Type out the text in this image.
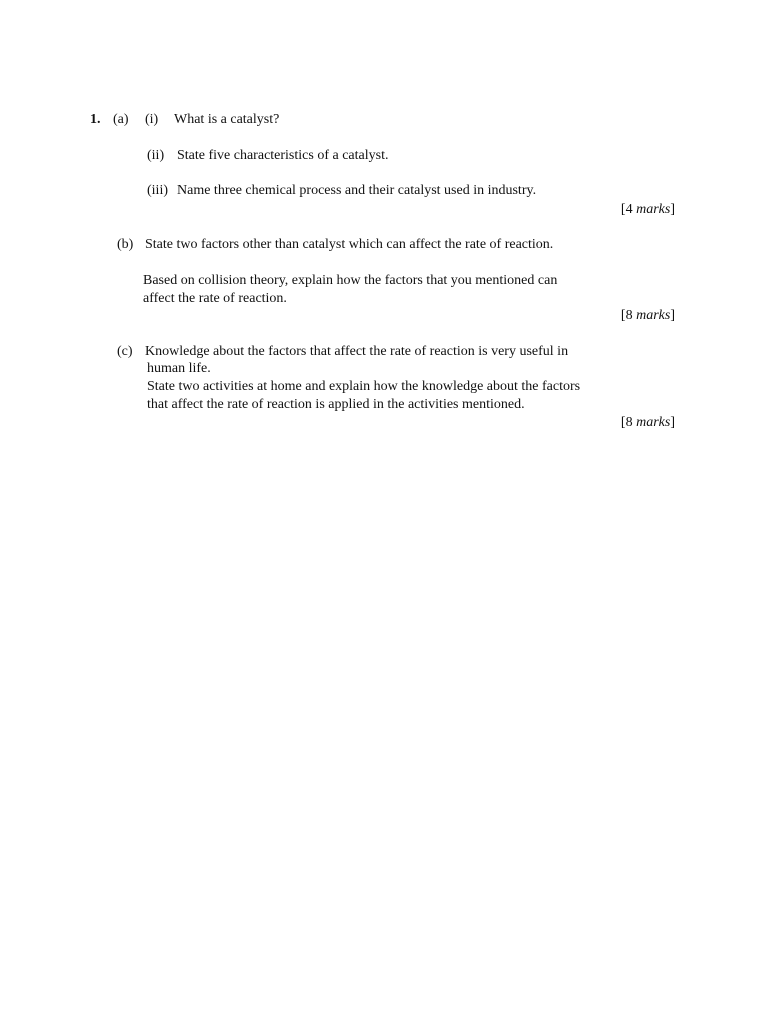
1. (a) (i) What is a catalyst?
(ii) State five characteristics of a catalyst.
(iii) Name three chemical process and their catalyst used in industry.
[4 marks]
(b) State two factors other than catalyst which can affect the rate of reaction.
Based on collision theory, explain how the factors that you mentioned can
affect the rate of reaction.
[8 marks]
(c) Knowledge about the factors that affect the rate of reaction is very useful in
human life.
State two activities at home and explain how the knowledge about the factors
that affect the rate of reaction is applied in the activities mentioned.
[8 marks]
